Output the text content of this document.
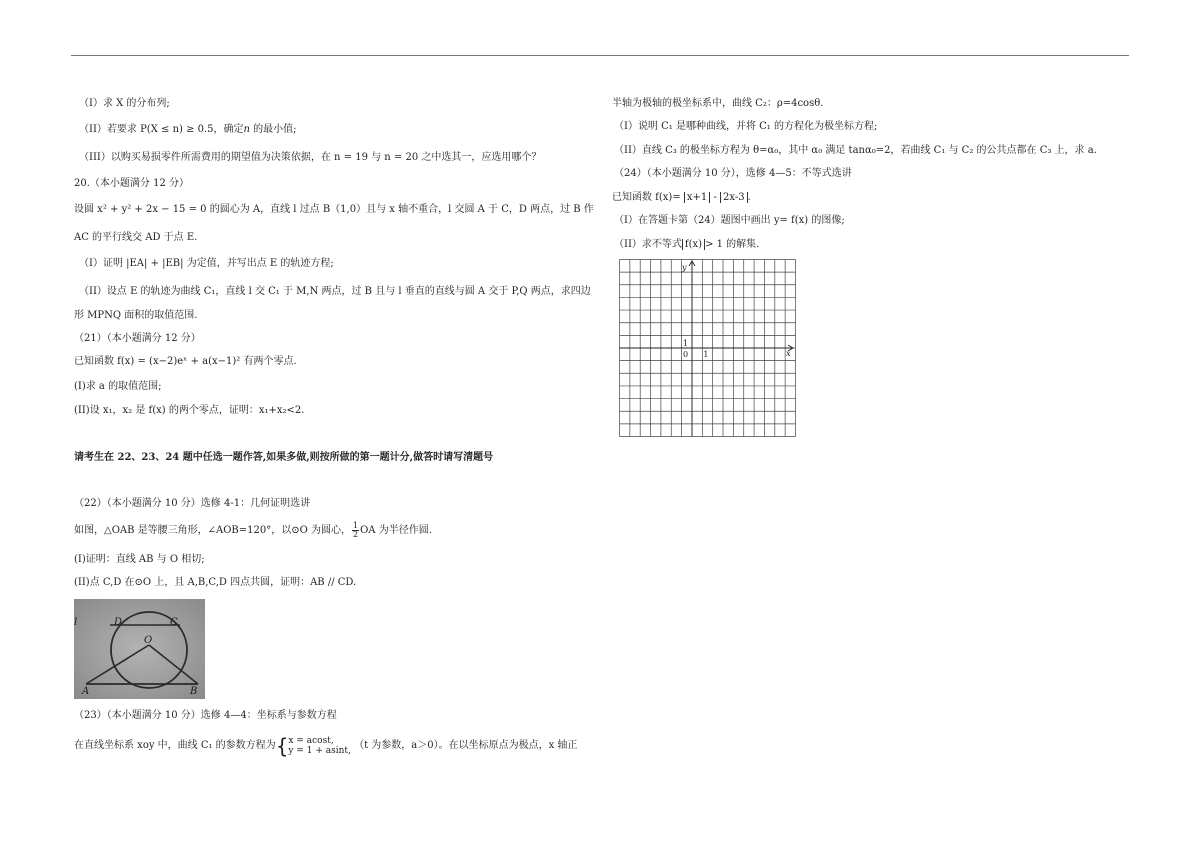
（I）求 X 的分布列;
（II）若要求 P(X ≤ n) ≥ 0.5，确定n 的最小值;
（III）以购买易损零件所需费用的期望值为决策依据，在 n = 19 与 n = 20 之中选其一，应选用哪个？
20.（本小题满分 12 分）
设圆 x² + y² + 2x − 15 = 0 的圆心为 A，直线 l 过点 B（1,0）且与 x 轴不重合，l 交圆 A 于 C，D 两点，过 B 作
AC 的平行线交 AD 于点 E.
（I）证明 |EA| + |EB| 为定值，并写出点 E 的轨迹方程;
（II）设点 E 的轨迹为曲线 C₁，直线 l 交 C₁ 于 M,N 两点，过 B 且与 l 垂直的直线与圆 A 交于 P,Q 两点，求四边
形 MPNQ 面积的取值范围.
（21）（本小题满分 12 分）
已知函数 f(x) = (x−2)eˣ + a(x−1)² 有两个零点.
(I)求 a 的取值范围;
(II)设 x₁，x₂ 是 f(x) 的两个零点，证明：x₁+x₂<2.
请考生在 22、23、24 题中任选一题作答,如果多做,则按所做的第一题计分,做答时请写清题号
（22）（本小题满分 10 分）选修 4-1：几何证明选讲
如图，△OAB 是等腰三角形，∠AOB=120°，以⊙O 为圆心， $\frac{1}{2}$ OA 为半径作圆.
(I)证明：直线 AB 与 O 相切;
(II)点 C,D 在⊙O 上，且 A,B,C,D 四点共圆，证明：AB // CD.
（23）（本小题满分 10 分）选修 4—4：坐标系与参数方程
在直线坐标系 xoy 中，曲线 C₁ 的参数方程为{ x = acost,
y = 1 + asint, （t 为参数，a＞0）。在以坐标原点为极点，x 轴正
D	C
O
A	B
l
半轴为极轴的极坐标系中，曲线 C₂：ρ=4cosθ.
（I）说明 C₁ 是哪种曲线，并将 C₁ 的方程化为极坐标方程;
（II）直线 C₃ 的极坐标方程为 θ=α₀，其中 α₀ 满足 tanα₀=2，若曲线 C₁ 与 C₂ 的公共点都在 C₃ 上，求 a.
（24）（本小题满分 10 分），选修 4—5：不等式选讲
已知函数 f(x)= x+1 - 2x-3 .
（I）在答题卡第（24）题图中画出 y= f(x) 的图像;
（II）求不等式 f(x) > 1 的解集.
y
x
0 1
1
